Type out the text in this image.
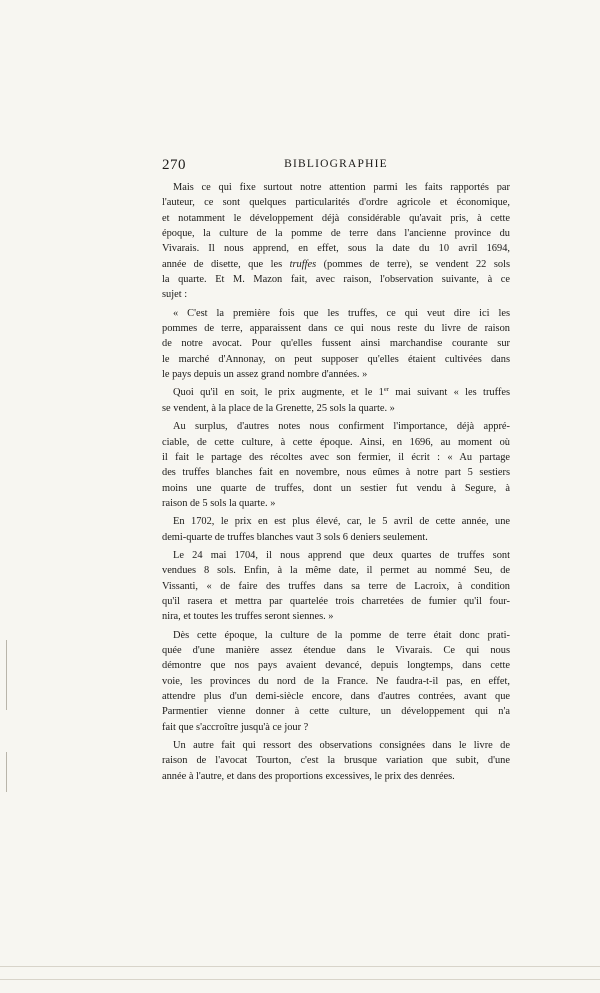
270	BIBLIOGRAPHIE
Mais ce qui fixe surtout notre attention parmi les faits rapportés par
l'auteur, ce sont quelques particularités d'ordre agricole et économique,
et notamment le développement déjà considérable qu'avait pris, à cette
époque, la culture de la pomme de terre dans l'ancienne province du
Vivarais. Il nous apprend, en effet, sous la date du 10 avril 1694,
année de disette, que les truffes (pommes de terre), se vendent 22 sols
la quarte. Et M. Mazon fait, avec raison, l'observation suivante, à ce
sujet :
« C'est la première fois que les truffes, ce qui veut dire ici les
pommes de terre, apparaissent dans ce qui nous reste du livre de raison
de notre avocat. Pour qu'elles fussent ainsi marchandise courante sur
le marché d'Annonay, on peut supposer qu'elles étaient cultivées dans
le pays depuis un assez grand nombre d'années. »
Quoi qu'il en soit, le prix augmente, et le 1er mai suivant « les truffes
se vendent, à la place de la Grenette, 25 sols la quarte. »
Au surplus, d'autres notes nous confirment l'importance, déjà appré-
ciable, de cette culture, à cette époque. Ainsi, en 1696, au moment où
il fait le partage des récoltes avec son fermier, il écrit : « Au partage
des truffes blanches fait en novembre, nous eûmes à notre part 5 sestiers
moins une quarte de truffes, dont un sestier fut vendu à Segure, à
raison de 5 sols la quarte. »
En 1702, le prix en est plus élevé, car, le 5 avril de cette année, une
demi-quarte de truffes blanches vaut 3 sols 6 deniers seulement.
Le 24 mai 1704, il nous apprend que deux quartes de truffes sont
vendues 8 sols. Enfin, à la même date, il permet au nommé Seu, de
Vissanti, « de faire des truffes dans sa terre de Lacroix, à condition
qu'il rasera et mettra par quartelée trois charretées de fumier qu'il four-
nira, et toutes les truffes seront siennes. »
Dès cette époque, la culture de la pomme de terre était donc prati-
quée d'une manière assez étendue dans le Vivarais. Ce qui nous
démontre que nos pays avaient devancé, depuis longtemps, dans cette
voie, les provinces du nord de la France. Ne faudra-t-il pas, en effet,
attendre plus d'un demi-siècle encore, dans d'autres contrées, avant que
Parmentier vienne donner à cette culture, un développement qui n'a
fait que s'accroître jusqu'à ce jour ?
Un autre fait qui ressort des observations consignées dans le livre de
raison de l'avocat Tourton, c'est la brusque variation que subit, d'une
année à l'autre, et dans des proportions excessives, le prix des denrées.
